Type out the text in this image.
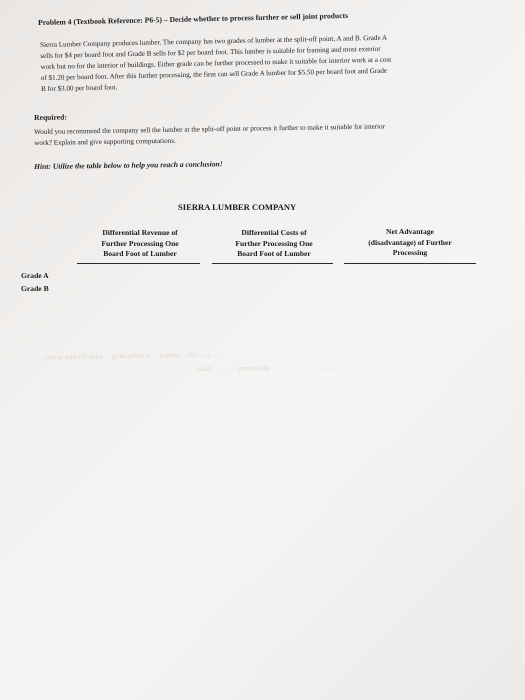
Problem 4 (Textbook Reference: P6-5) – Decide whether to process further or sell joint products
Sierra Lumber Company produces lumber. The company has two grades of lumber at the split-off point, A and B. Grade A
sells for $4 per board foot and Grade B sells for $2 per board foot. This lumber is suitable for framing and most exterior
work but no for the interior of buildings. Either grade can be further processed to make it suitable for interior work at a cost
of $1.20 per board foot. After this further processing, the firm can sell Grade A lumber for $5.50 per board foot and Grade
B for $3.00 per board foot.
Required:
Would you recommend the company sell the lumber at the split-off point or process it further to make it suitable for interior
work? Explain and give supporting computations.
Hint: Utilize the table below to help you reach a conclusion!
SIERRA LUMBER COMPANY
Differential Revenue of
Further Processing One
Board Foot of Lumber
Differential Costs of
Further Processing One
Board Foot of Lumber
Net Advantage
(disadvantage) of Further
Processing
Grade A
Grade B
…sale at split-off point… gross profit at… lumber… this… a…
…valid … … … processing … … … … … … … …
